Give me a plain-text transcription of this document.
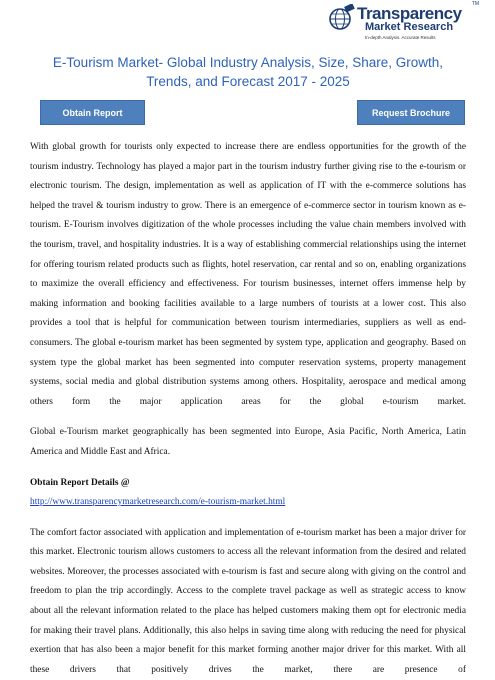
Transparency
Market Research
In-depth Analysis. Accurate Results
TM
E-Tourism Market- Global Industry Analysis, Size, Share, Growth, Trends, and Forecast 2017 - 2025
Obtain Report	Request Brochure

With global growth for tourists only expected to increase there are endless opportunities for the growth of the tourism industry. Technology has played a major part in the tourism industry further giving rise to the e-tourism or electronic tourism. The design, implementation as well as application of IT with the e-commerce solutions has helped the travel & tourism industry to grow. There is an emergence of e-commerce sector in tourism known as e-tourism. E-Tourism involves digitization of the whole processes including the value chain members involved with the tourism, travel, and hospitality industries. It is a way of establishing commercial relationships using the internet for offering tourism related products such as flights, hotel reservation, car rental and so on, enabling organizations to maximize the overall efficiency and effectiveness. For tourism businesses, internet offers immense help by making information and booking facilities available to a large numbers of tourists at a lower cost. This also provides a tool that is helpful for communication between tourism intermediaries, suppliers as well as end-consumers. The global e-tourism market has been segmented by system type, application and geography. Based on system type the global market has been segmented into computer reservation systems, property management systems, social media and global distribution systems among others. Hospitality, aerospace and medical among others form the major application areas for the global e-tourism market.

Global e-Tourism market geographically has been segmented into Europe, Asia Pacific, North America, Latin America and Middle East and Africa.

Obtain Report Details @

http://www.transparencymarketresearch.com/e-tourism-market.html

The comfort factor associated with application and implementation of e-tourism market has been a major driver for this market. Electronic tourism allows customers to access all the relevant information from the desired and related websites. Moreover, the processes associated with e-tourism is fast and secure along with giving on the control and freedom to plan the trip accordingly. Access to the complete travel package as well as strategic access to know about all the relevant information related to the place has helped customers making them opt for electronic media for making their travel plans. Additionally, this also helps in saving time along with reducing the need for physical exertion that has also been a major benefit for this market forming another major driver for this market. With all these drivers that positively drives the market, there are presence of
